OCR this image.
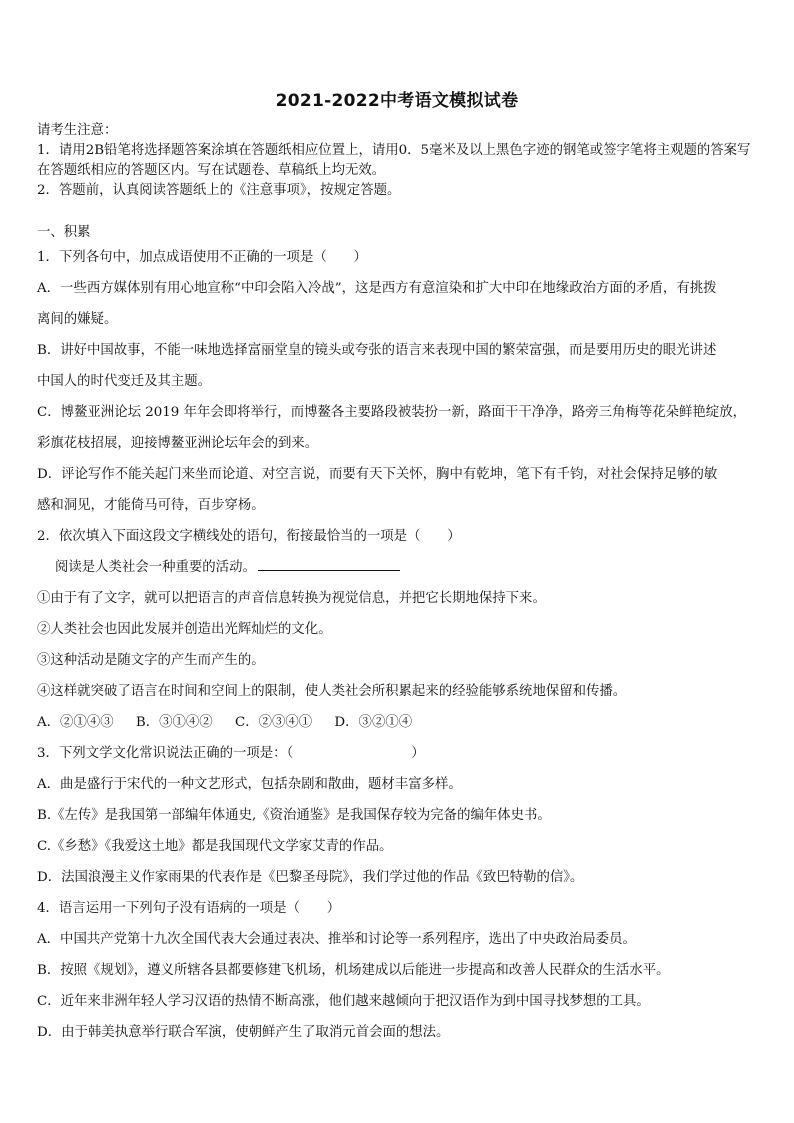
2021-2022中考语文模拟试卷
请考生注意：
1．请用2B铅笔将选择题答案涂填在答题纸相应位置上，请用0．5毫米及以上黑色字迹的钢笔或签字笔将主观题的答案写在答题纸相应的答题区内。写在试题卷、草稿纸上均无效。
2．答题前，认真阅读答题纸上的《注意事项》，按规定答题。
一、积累
1．下列各句中，加点成语使用不正确的一项是（　　）
A．一些西方媒体别有用心地宣称“中印会陷入冷战”，这是西方有意渲染和扩大中印在地缘政治方面的矛盾，有挑拨
离间的嫌疑。
B．讲好中国故事，不能一味地选择富丽堂皇的镜头或夸张的语言来表现中国的繁荣富强，而是要用历史的眼光讲述
中国人的时代变迁及其主题。
C．博鳌亚洲论坛 2019 年年会即将举行，而博鳌各主要路段被装扮一新，路面干干净净，路旁三角梅等花朵鲜艳绽放，
彩旗花枝招展，迎接博鳌亚洲论坛年会的到来。
D．评论写作不能关起门来坐而论道、对空言说，而要有天下关怀，胸中有乾坤，笔下有千钧，对社会保持足够的敏
感和洞见，才能倚马可待，百步穿杨。
2．依次填入下面这段文字横线处的语句，衔接最恰当的一项是（　　）
阅读是人类社会一种重要的活动。
①由于有了文字，就可以把语言的声音信息转换为视觉信息，并把它长期地保持下来。
②人类社会也因此发展并创造出光辉灿烂的文化。
③这种活动是随文字的产生而产生的。
④这样就突破了语言在时间和空间上的限制，使人类社会所积累起来的经验能够系统地保留和传播。
A．②①④③ B．③①④② C．②③④① D．③②①④
3．下列文学文化常识说法正确的一项是：（	）
A．曲是盛行于宋代的一种文艺形式，包括杂剧和散曲，题材丰富多样。
B.《左传》是我国第一部编年体通史,《资治通鉴》是我国保存较为完备的编年体史书。
C.《乡愁》《我爱这土地》都是我国现代文学家艾青的作品。
D．法国浪漫主义作家雨果的代表作是《巴黎圣母院》，我们学过他的作品《致巴特勒的信》。
4．语言运用一下列句子没有语病的一项是（　　）
A．中国共产党第十九次全国代表大会通过表决、推举和讨论等一系列程序，选出了中央政治局委员。
B．按照《规划》，遵义所辖各县都要修建飞机场，机场建成以后能进一步提高和改善人民群众的生活水平。
C．近年来非洲年轻人学习汉语的热情不断高涨，他们越来越倾向于把汉语作为到中国寻找梦想的工具。
D．由于韩美执意举行联合军演，使朝鲜产生了取消元首会面的想法。
